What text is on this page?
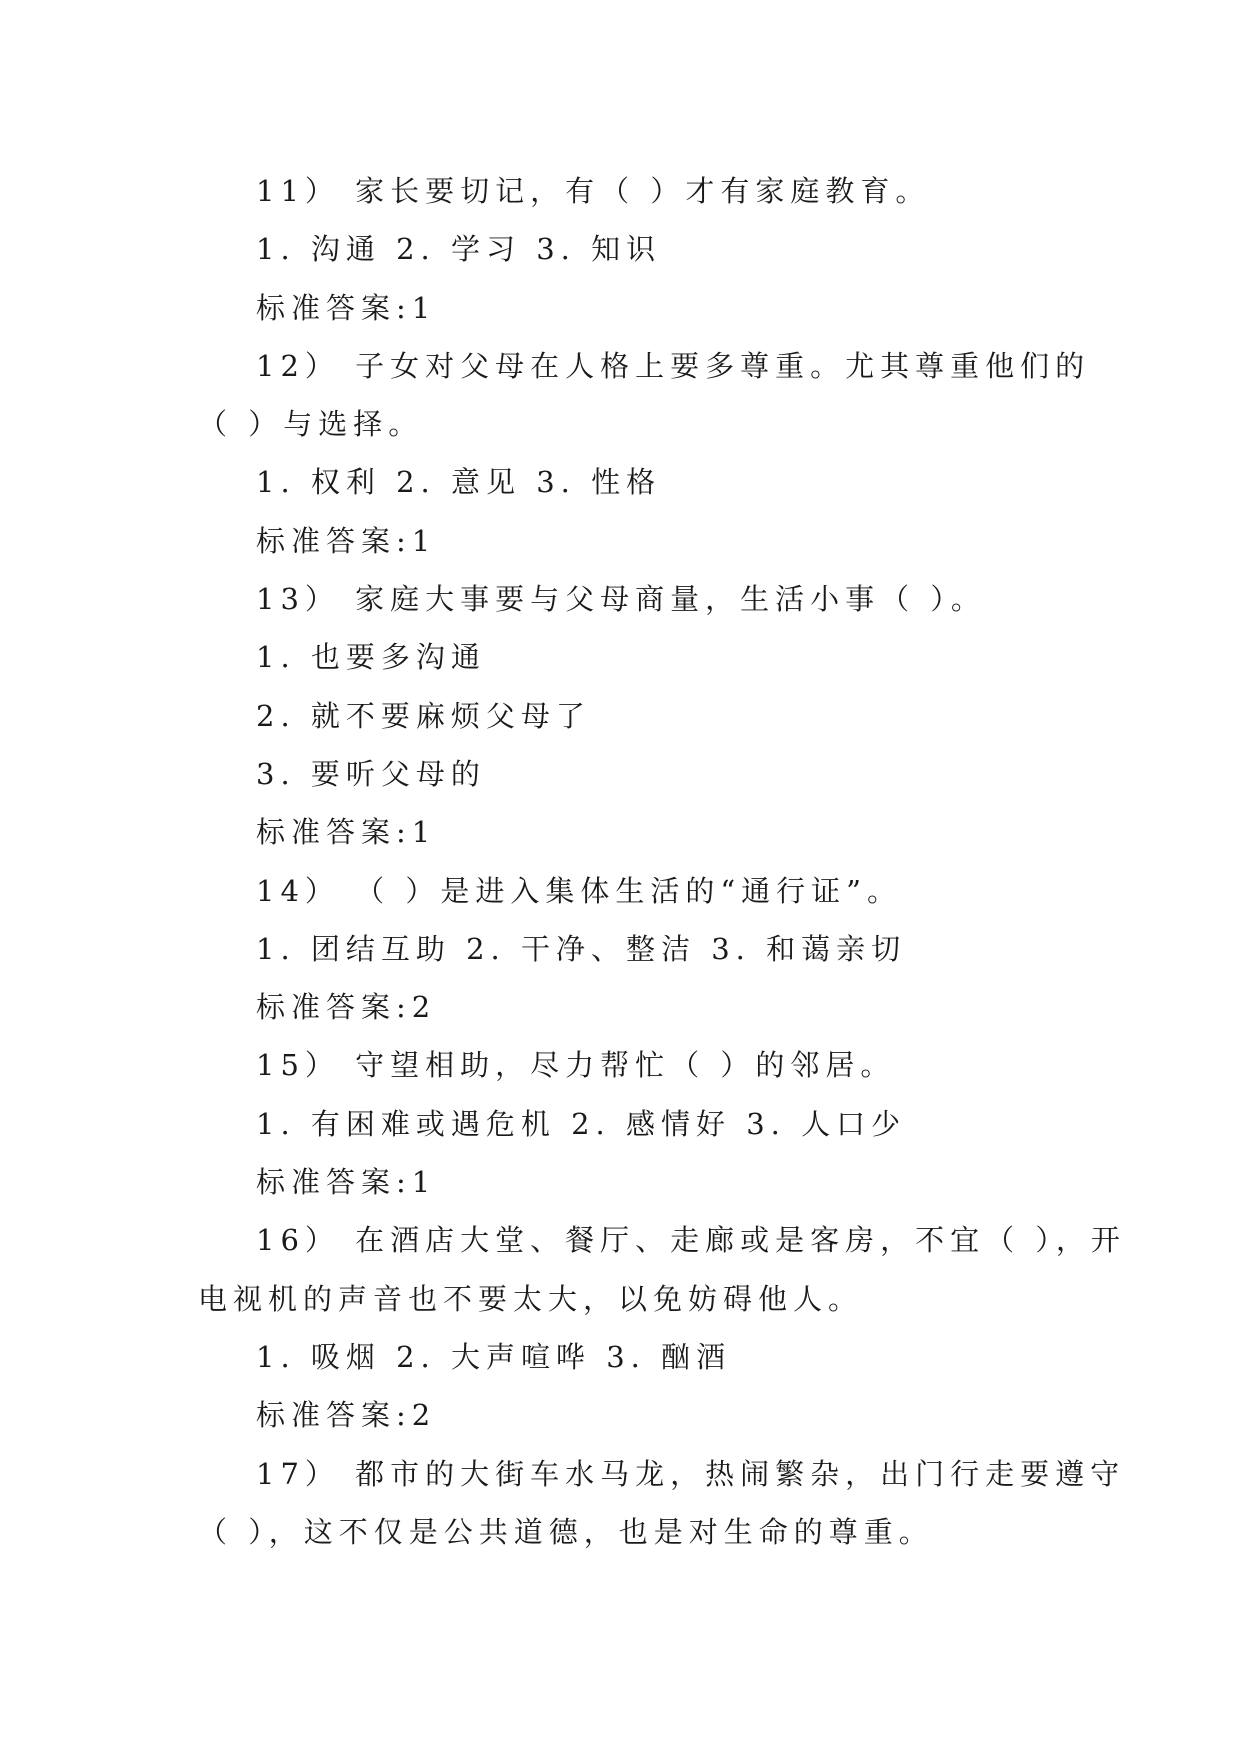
11） 家长要切记，有（ ）才有家庭教育。
1. 沟通 2. 学习 3. 知识
标准答案:1
12） 子女对父母在人格上要多尊重。尤其尊重他们的
（ ）与选择。
1. 权利 2. 意见 3. 性格
标准答案:1
13） 家庭大事要与父母商量，生活小事（ ）。
1. 也要多沟通
2. 就不要麻烦父母了
3. 要听父母的
标准答案:1
14） （ ）是进入集体生活的“通行证”。
1. 团结互助 2. 干净、整洁 3. 和蔼亲切
标准答案:2
15） 守望相助，尽力帮忙（ ）的邻居。
1. 有困难或遇危机 2. 感情好 3. 人口少
标准答案:1
16） 在酒店大堂、餐厅、走廊或是客房，不宜（ ），开
电视机的声音也不要太大，以免妨碍他人。
1. 吸烟 2. 大声喧哗 3. 酗酒
标准答案:2
17） 都市的大街车水马龙，热闹繁杂，出门行走要遵守
（ ），这不仅是公共道德，也是对生命的尊重。
